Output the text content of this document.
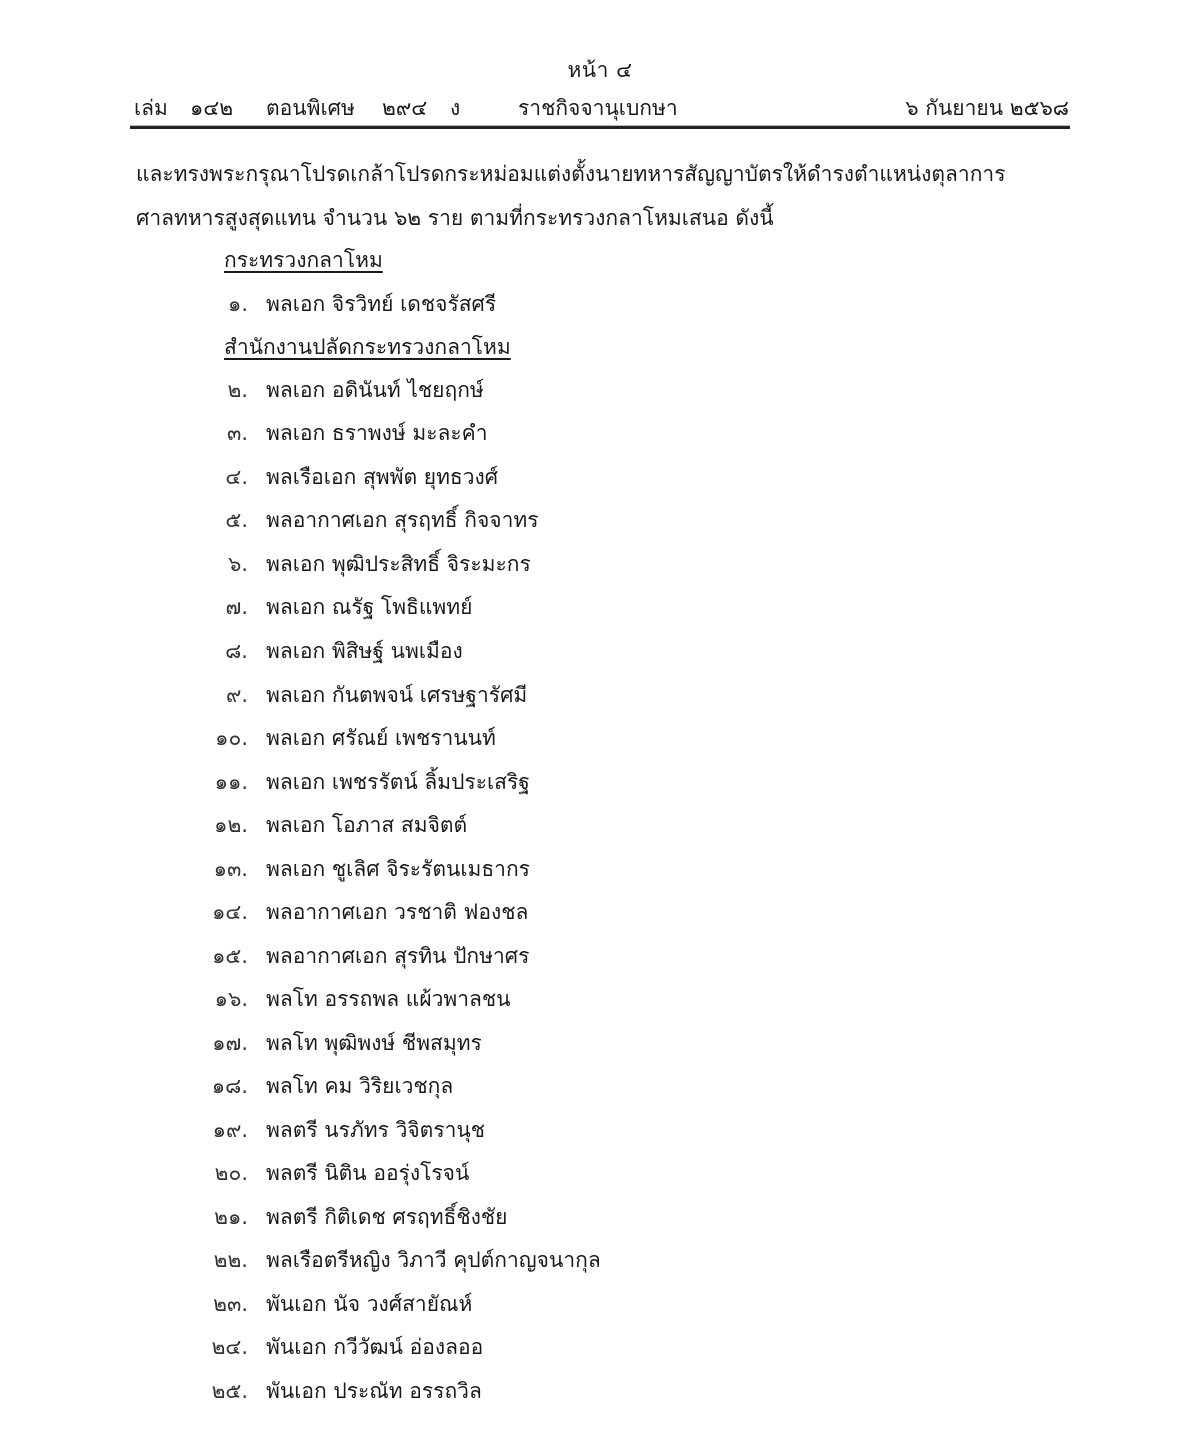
หน้า ๔
เล่ม ๑๔๒ ตอนพิเศษ ๒๙๔ ง	ราชกิจจานุเบกษา	๖ กันยายน ๒๕๖๘

และทรงพระกรุณาโปรดเกล้าโปรดกระหม่อมแต่งตั้งนายทหารสัญญาบัตรให้ดำรงตำแหน่งตุลาการ

ศาลทหารสูงสุดแทน จำนวน ๖๒ ราย ตามที่กระทรวงกลาโหมเสนอ ดังนี้

กระทรวงกลาโหม
๑. พลเอก จิรวิทย์ เดชจรัสศรี
สำนักงานปลัดกระทรวงกลาโหม
๒. พลเอก อดินันท์ ไชยฤกษ์
๓. พลเอก ธราพงษ์ มะละคำ
๔. พลเรือเอก สุพพัต ยุทธวงศ์
๕. พลอากาศเอก สุรฤทธิ์ กิจจาทร
๖. พลเอก พุฒิประสิทธิ์ จิระมะกร
๗. พลเอก ณรัฐ โพธิแพทย์
๘. พลเอก พิสิษฐ์ นพเมือง
๙. พลเอก กันตพจน์ เศรษฐารัศมี
๑๐. พลเอก ศรัณย์ เพชรานนท์
๑๑. พลเอก เพชรรัตน์ ลิ้มประเสริฐ
๑๒. พลเอก โอภาส สมจิตต์
๑๓. พลเอก ชูเลิศ จิระรัตนเมธากร
๑๔. พลอากาศเอก วรชาติ ฟองชล
๑๕. พลอากาศเอก สุรทิน ปักษาศร
๑๖. พลโท อรรถพล แผ้วพาลชน
๑๗. พลโท พุฒิพงษ์ ชีพสมุทร
๑๘. พลโท คม วิริยเวชกุล
๑๙. พลตรี นรภัทร วิจิตรานุช
๒๐. พลตรี นิติน ออรุ่งโรจน์
๒๑. พลตรี กิติเดช ศรฤทธิ์ชิงชัย
๒๒. พลเรือตรีหญิง วิภาวี คุปต์กาญจนากุล
๒๓. พันเอก นัจ วงศ์สายัณห์
๒๔. พันเอก กวีวัฒน์ อ่องลออ
๒๕. พันเอก ประณัท อรรถวิล
